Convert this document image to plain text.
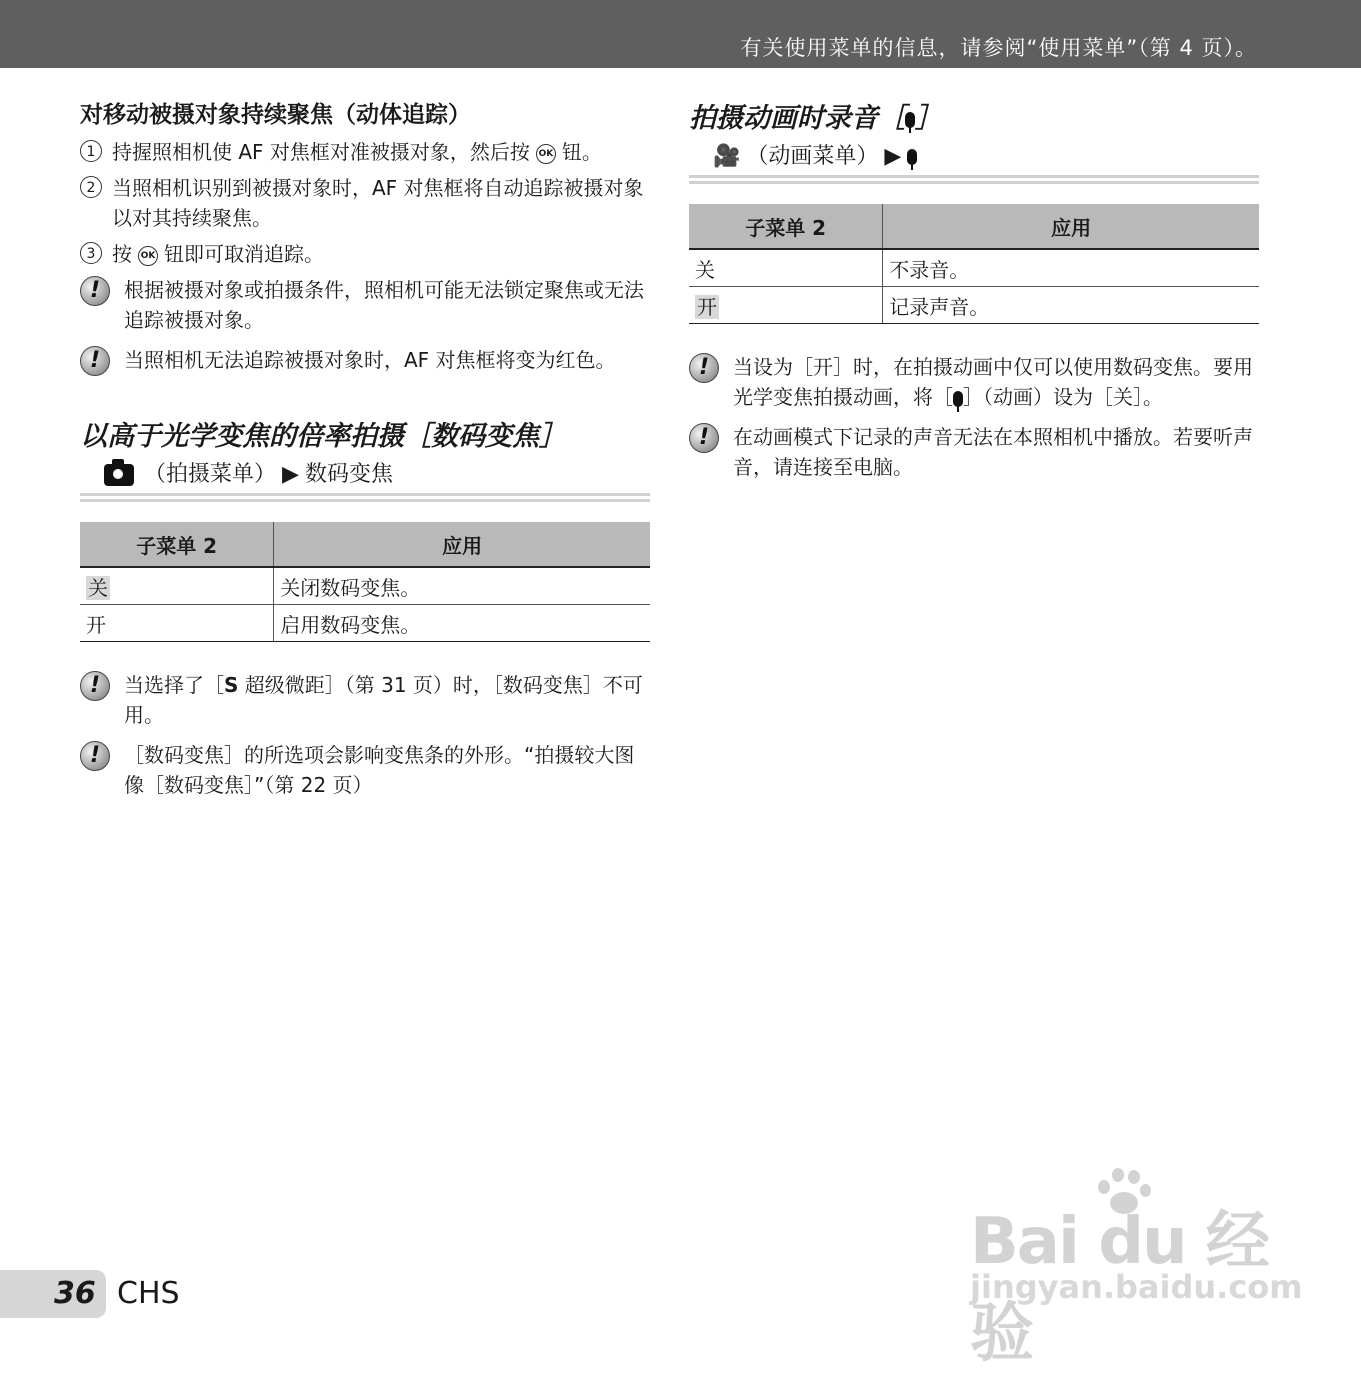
有关使用菜单的信息，请参阅“使用菜单”（第 4 页）。
对移动被摄对象持续聚焦（动体追踪）
1 持握照相机使 AF 对焦框对准被摄对象，然后按 OK 钮。
2 当照相机识别到被摄对象时，AF 对焦框将自动追踪被摄对象以对其持续聚焦。
3 按 OK 钮即可取消追踪。
!	根据被摄对象或拍摄条件，照相机可能无法锁定聚焦或无法追踪被摄对象。
!	当照相机无法追踪被摄对象时，AF 对焦框将变为红色。
以高于光学变焦的倍率拍摄［数码变焦］
（拍摄菜单） ▶ 数码变焦
子菜单 2	应用
关	关闭数码变焦。
开	启用数码变焦。
!	当选择了［S 超级微距］（第 31 页）时，［数码变焦］不可用。
!	［数码变焦］的所选项会影响变焦条的外形。“拍摄较大图像［数码变焦］”（第 22 页）
拍摄动画时录音［ ］
🎥 （动画菜单） ▶
子菜单 2	应用
关	不录音。
开	记录声音。
!	当设为［开］时，在拍摄动画中仅可以使用数码变焦。要用光学变焦拍摄动画，将［ ］（动画）设为［关］。
!	在动画模式下记录的声音无法在本照相机中播放。若要听声音，请连接至电脑。
Bai du 经验
jingyan.baidu.com
36 CHS
